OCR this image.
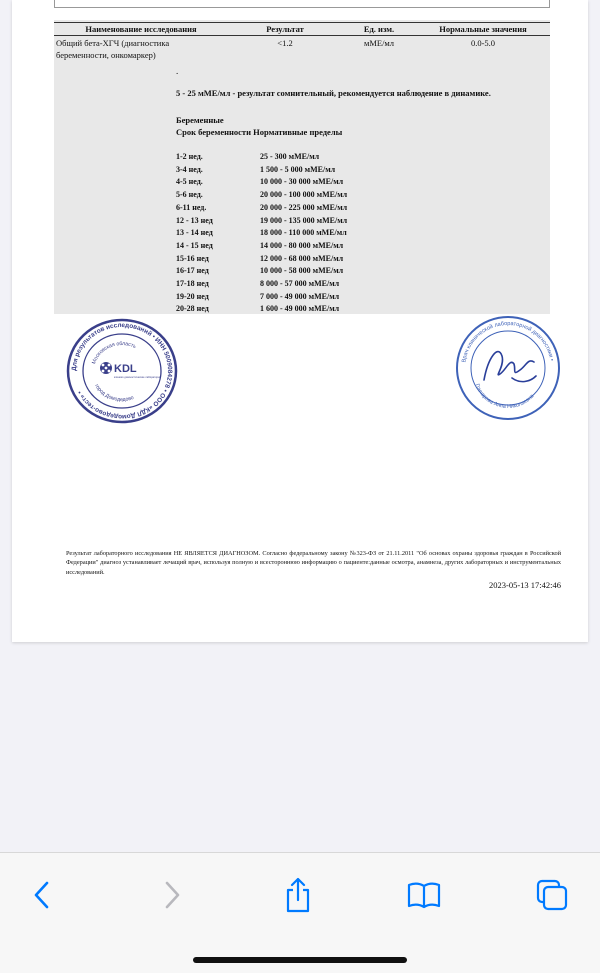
Наименование исследования	Результат	Ед. изм.	Нормальные значения
Общий бета-ХГЧ (диагностика
беременности, онкомаркер)	<1.2	мМЕ/мл	0.0-5.0
.
5 - 25 мМЕ/мл - результат сомнительный, рекомендуется наблюдение в динамике.
Беременные
Срок беременности Нормативные пределы
1-2 нед.	25 - 300 мМЕ/мл
3-4 нед.	1 500 - 5 000 мМЕ/мл
4-5 нед.	10 000 - 30 000 мМЕ/мл
5-6 нед.	20 000 - 100 000 мМЕ/мл
6-11 нед.	20 000 - 225 000 мМЕ/мл
12 - 13 нед	19 000 - 135 000 мМЕ/мл
13 - 14 нед	18 000 - 110 000 мМЕ/мл
14 - 15 нед	14 000 - 80 000 мМЕ/мл
15-16 нед	12 000 - 68 000 мМЕ/мл
16-17 нед	10 000 - 58 000 мМЕ/мл
17-18 нед	8 000 - 57 000 мМЕ/мл
19-20 нед	7 000 - 49 000 мМЕ/мл
20-28 нед	1 600 - 49 000 мМЕ/мл
Для результатов исследований • ИНН 5009084278 • ООО «КДЛ Домодедово-тест» •
Московская область
город Домодедово
KDL
клинико диагностические лаборатории
Врач клинической лабораторной диагностики •
Гончарова Анна Николаевна
Результат лабораторного исследования НЕ ЯВЛЯЕТСЯ ДИАГНОЗОМ. Согласно федеральному закону №323-ФЗ от 21.11.2011 "Об основах охраны здоровья граждан в Российской Федерации" диагноз устанавливает лечащий врач, используя полную и всестороннюю информацию о пациенте:данные осмотра, анамнеза, других лабораторных и инструментальных исследований.
2023-05-13 17:42:46
